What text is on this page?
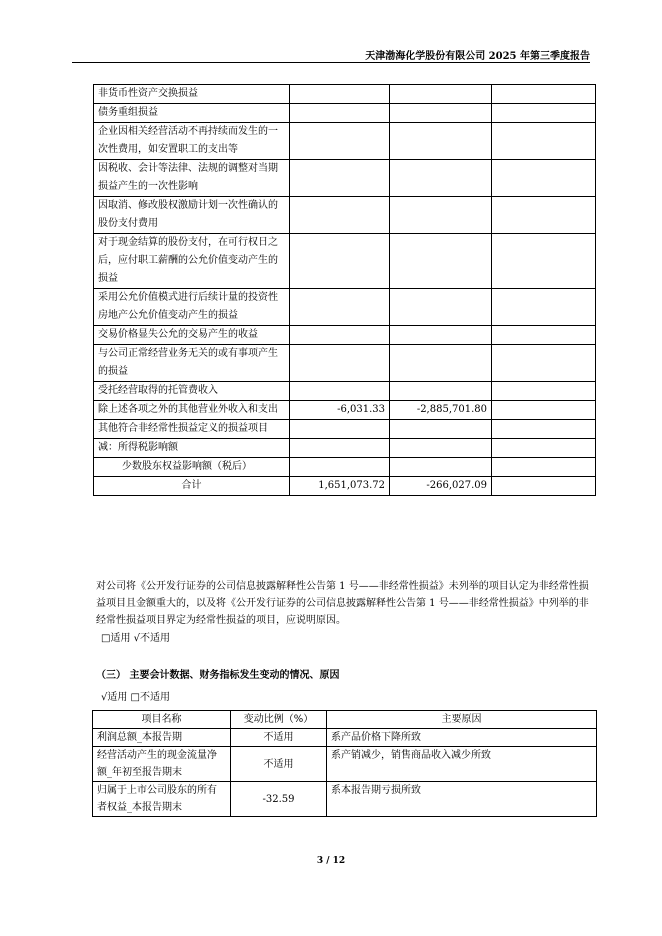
天津渤海化学股份有限公司 2025 年第三季度报告
非货币性资产交换损益			
债务重组损益			
企业因相关经营活动不再持续而发生的一次性费用，如安置职工的支出等			
因税收、会计等法律、法规的调整对当期损益产生的一次性影响			
因取消、修改股权激励计划一次性确认的股份支付费用			
对于现金结算的股份支付，在可行权日之后，应付职工薪酬的公允价值变动产生的损益			
采用公允价值模式进行后续计量的投资性房地产公允价值变动产生的损益			
交易价格显失公允的交易产生的收益			
与公司正常经营业务无关的或有事项产生的损益			
受托经营取得的托管费收入			
除上述各项之外的其他营业外收入和支出	-6,031.33	-2,885,701.80	
其他符合非经常性损益定义的损益项目			
减：所得税影响额			
少数股东权益影响额（税后）			
合计	1,651,073.72	-266,027.09	
对公司将《公开发行证券的公司信息披露解释性公告第 1 号——非经常性损益》未列举的项目认定为非经常性损益项目且金额重大的，以及将《公开发行证券的公司信息披露解释性公告第 1 号——非经常性损益》中列举的非经常性损益项目界定为经常性损益的项目，应说明原因。
□适用 √不适用
（三） 主要会计数据、财务指标发生变动的情况、原因
√适用 □不适用
项目名称	变动比例（%）	主要原因
利润总额_本报告期	不适用	系产品价格下降所致
经营活动产生的现金流量净额_年初至报告期末	不适用	系产销减少，销售商品收入减少所致
归属于上市公司股东的所有者权益_本报告期末	-32.59	系本报告期亏损所致
3 / 12
